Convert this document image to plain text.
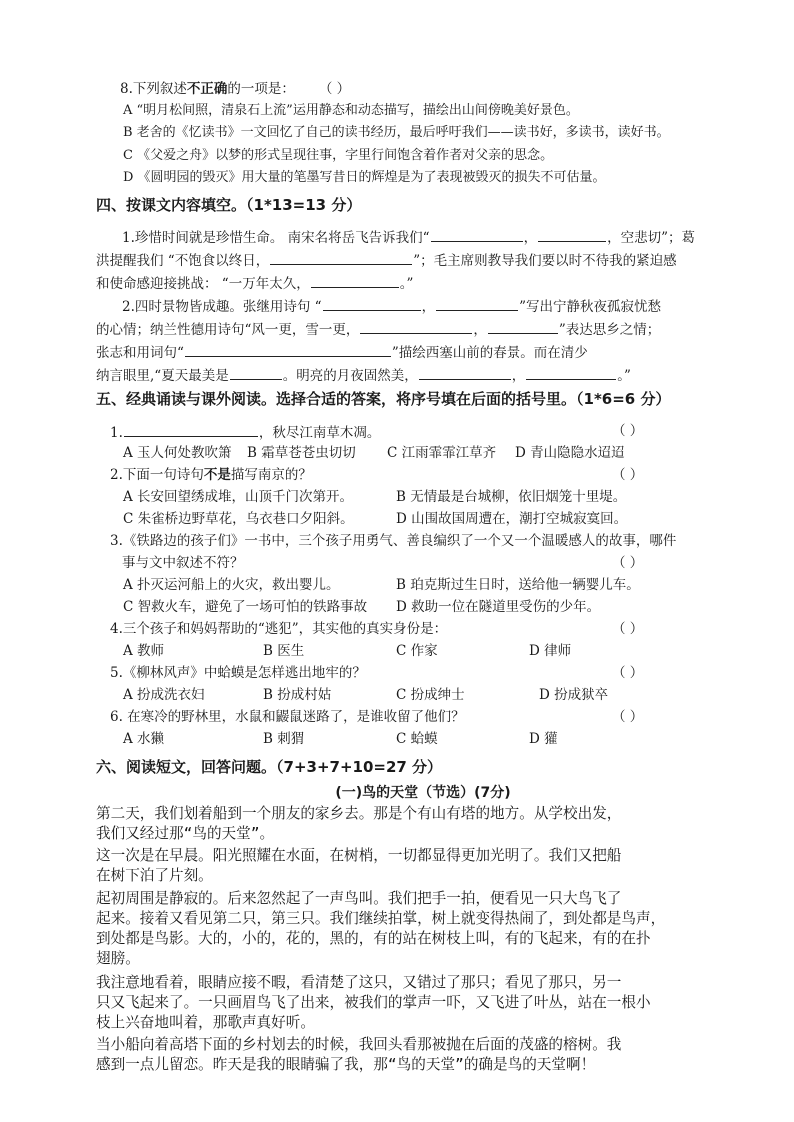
8.下列叙述不正确的一项是： （ ）
A “明月松间照，清泉石上流”运用静态和动态描写，描绘出山间傍晚美好景色。
B 老舍的《忆读书》一文回忆了自己的读书经历，最后呼吁我们——读书好，多读书，读好书。
C 《父爱之舟》以梦的形式呈现往事，字里行间饱含着作者对父亲的思念。
D 《圆明园的毁灭》用大量的笔墨写昔日的辉煌是为了表现被毁灭的损失不可估量。
四、按课文内容填空。（1*13=13 分）
1.珍惜时间就是珍惜生命。 南宋名将岳飞告诉我们“	，	，空悲切”；葛
洪提醒我们 “不饱食以终日，	”；毛主席则教导我们要以时不待我的紧迫感
和使命感迎接挑战： “一万年太久，	。”
2.四时景物皆成趣。张继用诗句 “	，	”写出宁静秋夜孤寂忧愁
的心情；纳兰性德用诗句“风一更，雪一更，	，	”表达思乡之情；
张志和用词句“	”描绘西塞山前的春景。而在清少
纳言眼里,“夏天最美是	。明亮的月夜固然美，	，	。”
五、经典诵读与课外阅读。选择合适的答案，将序号填在后面的括号里。（1*6=6 分）
1.	，秋尽江南草木凋。	（ ）
A 玉人何处教吹箫 B 霜草苍苍虫切切 C 江雨霏霏江草齐 D 青山隐隐水迢迢
2.下面一句诗句不是描写南京的？	（ ）
A 长安回望绣成堆，山顶千门次第开。	B 无情最是台城柳，依旧烟笼十里堤。
C 朱雀桥边野草花，乌衣巷口夕阳斜。	D 山围故国周遭在，潮打空城寂寞回。
3.《铁路边的孩子们》一书中，三个孩子用勇气、善良编织了一个又一个温暖感人的故事，哪件
事与文中叙述不符？	（ ）
A 扑灭运河船上的火灾，救出婴儿。	B 珀克斯过生日时，送给他一辆婴儿车。
C 智救火车，避免了一场可怕的铁路事故 D 救助一位在隧道里受伤的少年。
4.三个孩子和妈妈帮助的“逃犯”，其实他的真实身份是：	（ ）
A 教师	B 医生	C 作家	D 律师
5.《柳林风声》中蛤蟆是怎样逃出地牢的？	（ ）
A 扮成洗衣妇	B 扮成村姑	C 扮成绅士	D 扮成狱卒
6. 在寒冷的野林里，水鼠和鼹鼠迷路了，是谁收留了他们？	（ ）
A 水獭	B 刺猬	C 蛤蟆	D 獾
六、阅读短文，回答问题。（7+3+7+10=27 分）
(一)鸟的天堂（节选）(7分)
第二天，我们划着船到一个朋友的家乡去。那是个有山有塔的地方。从学校出发，
我们又经过那“鸟的天堂”。
这一次是在早晨。阳光照耀在水面，在树梢，一切都显得更加光明了。我们又把船
在树下泊了片刻。
起初周围是静寂的。后来忽然起了一声鸟叫。我们把手一拍，便看见一只大鸟飞了
起来。接着又看见第二只，第三只。我们继续拍掌，树上就变得热闹了，到处都是鸟声，
到处都是鸟影。大的，小的，花的，黑的，有的站在树枝上叫，有的飞起来，有的在扑
翅膀。
我注意地看着，眼睛应接不暇，看清楚了这只，又错过了那只；看见了那只，另一
只又飞起来了。一只画眉鸟飞了出来，被我们的掌声一吓，又飞进了叶丛，站在一根小
枝上兴奋地叫着，那歌声真好听。
当小船向着高塔下面的乡村划去的时候，我回头看那被抛在后面的茂盛的榕树。我
感到一点儿留恋。昨天是我的眼睛骗了我，那“鸟的天堂”的确是鸟的天堂啊！
